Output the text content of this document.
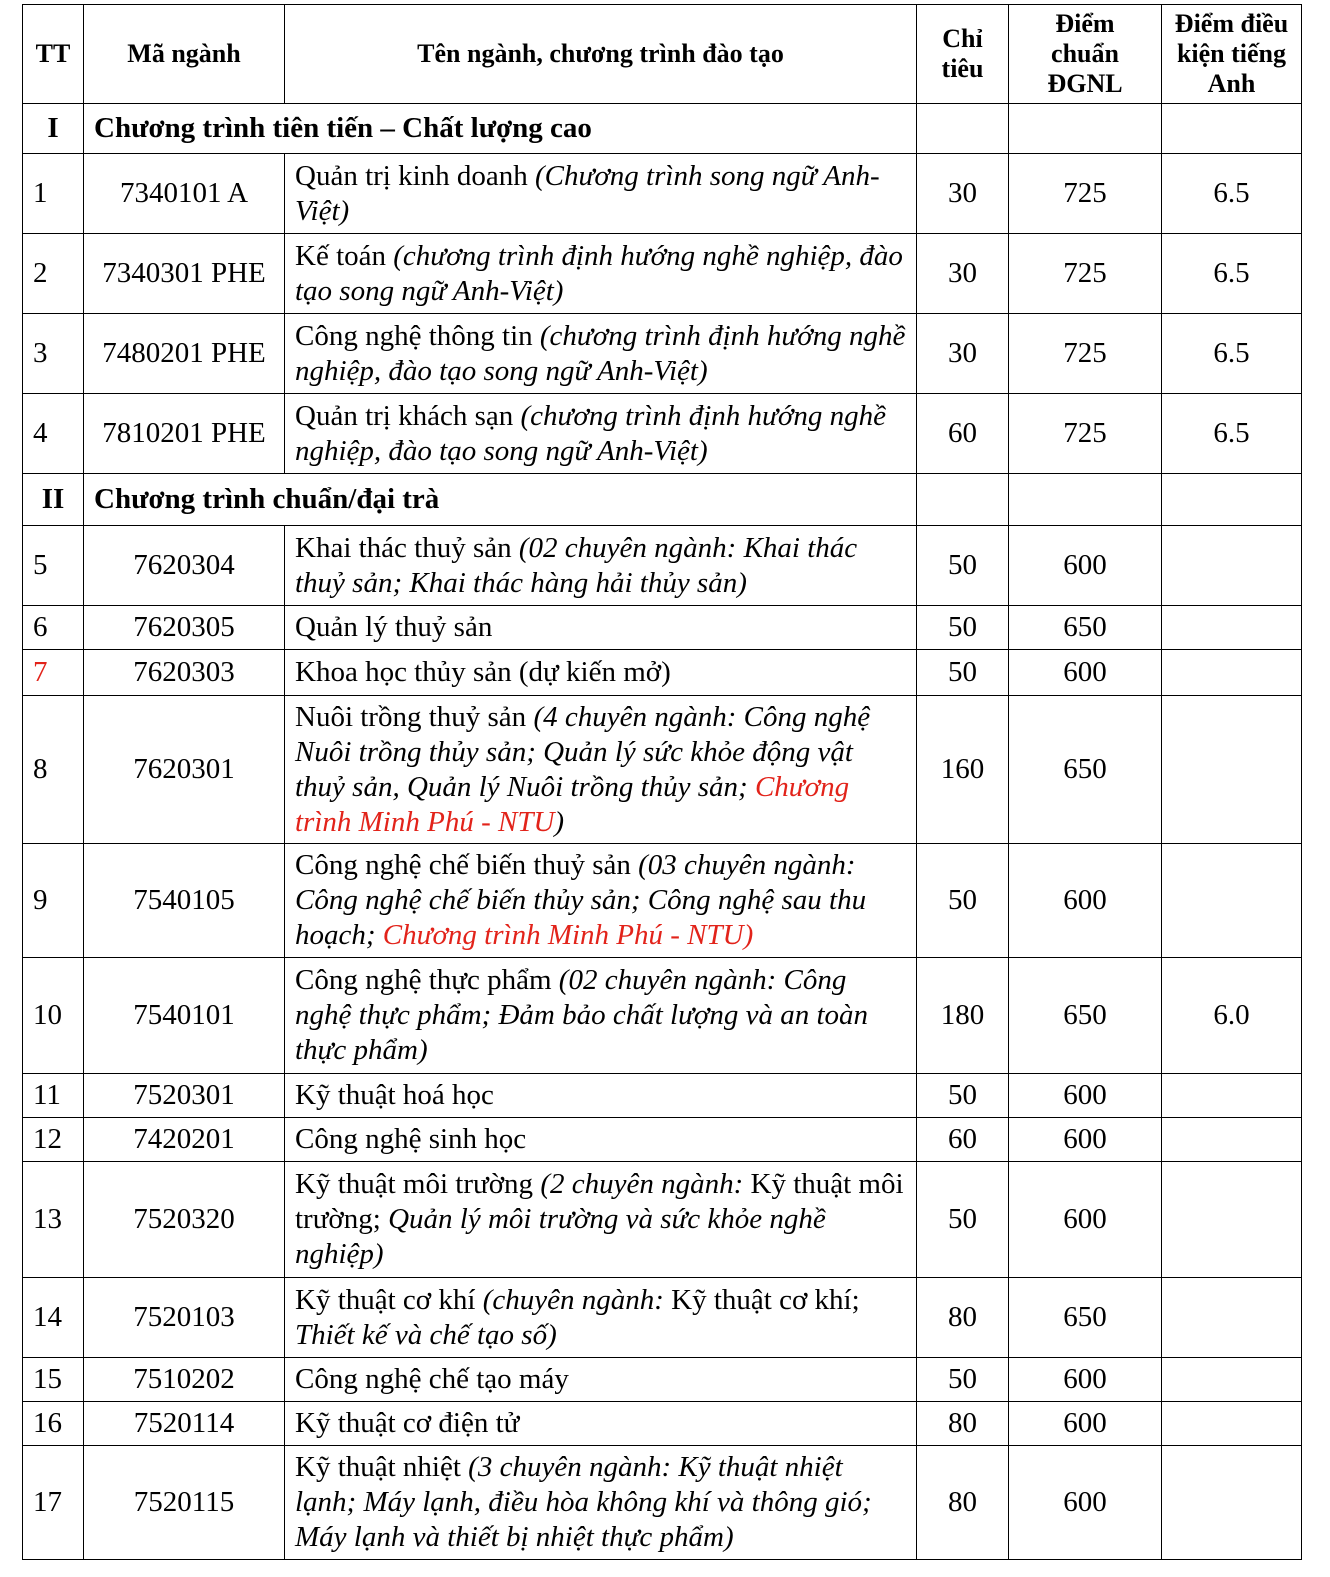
TT	Mã ngành	Tên ngành, chương trình đào tạo	Chỉ tiêu	Điểm chuẩn ĐGNL	Điểm điều kiện tiếng Anh
I	Chương trình tiên tiến – Chất lượng cao				
1	7340101 A	Quản trị kinh doanh (Chương trình song ngữ Anh-Việt)	30	725	6.5
2	7340301 PHE	Kế toán (chương trình định hướng nghề nghiệp, đào tạo song ngữ Anh-Việt)	30	725	6.5
3	7480201 PHE	Công nghệ thông tin (chương trình định hướng nghề nghiệp, đào tạo song ngữ Anh-Việt)	30	725	6.5
4	7810201 PHE	Quản trị khách sạn (chương trình định hướng nghề nghiệp, đào tạo song ngữ Anh-Việt)	60	725	6.5
II	Chương trình chuẩn/đại trà				
5	7620304	Khai thác thuỷ sản (02 chuyên ngành: Khai thác thuỷ sản; Khai thác hàng hải thủy sản)	50	600	
6	7620305	Quản lý thuỷ sản	50	650	
7	7620303	Khoa học thủy sản (dự kiến mở)	50	600	
8	7620301	Nuôi trồng thuỷ sản (4 chuyên ngành: Công nghệ Nuôi trồng thủy sản; Quản lý sức khỏe động vật thuỷ sản, Quản lý Nuôi trồng thủy sản; Chương trình Minh Phú - NTU)	160	650	
9	7540105	Công nghệ chế biến thuỷ sản (03 chuyên ngành: Công nghệ chế biến thủy sản; Công nghệ sau thu hoạch; Chương trình Minh Phú - NTU)	50	600	
10	7540101	Công nghệ thực phẩm (02 chuyên ngành: Công nghệ thực phẩm; Đảm bảo chất lượng và an toàn thực phẩm)	180	650	6.0
11	7520301	Kỹ thuật hoá học	50	600	
12	7420201	Công nghệ sinh học	60	600	
13	7520320	Kỹ thuật môi trường (2 chuyên ngành: Kỹ thuật môi trường; Quản lý môi trường và sức khỏe nghề nghiệp)	50	600	
14	7520103	Kỹ thuật cơ khí (chuyên ngành: Kỹ thuật cơ khí; Thiết kế và chế tạo số)	80	650	
15	7510202	Công nghệ chế tạo máy	50	600	
16	7520114	Kỹ thuật cơ điện tử	80	600	
17	7520115	Kỹ thuật nhiệt (3 chuyên ngành: Kỹ thuật nhiệt lạnh; Máy lạnh, điều hòa không khí và thông gió; Máy lạnh và thiết bị nhiệt thực phẩm)	80	600	
